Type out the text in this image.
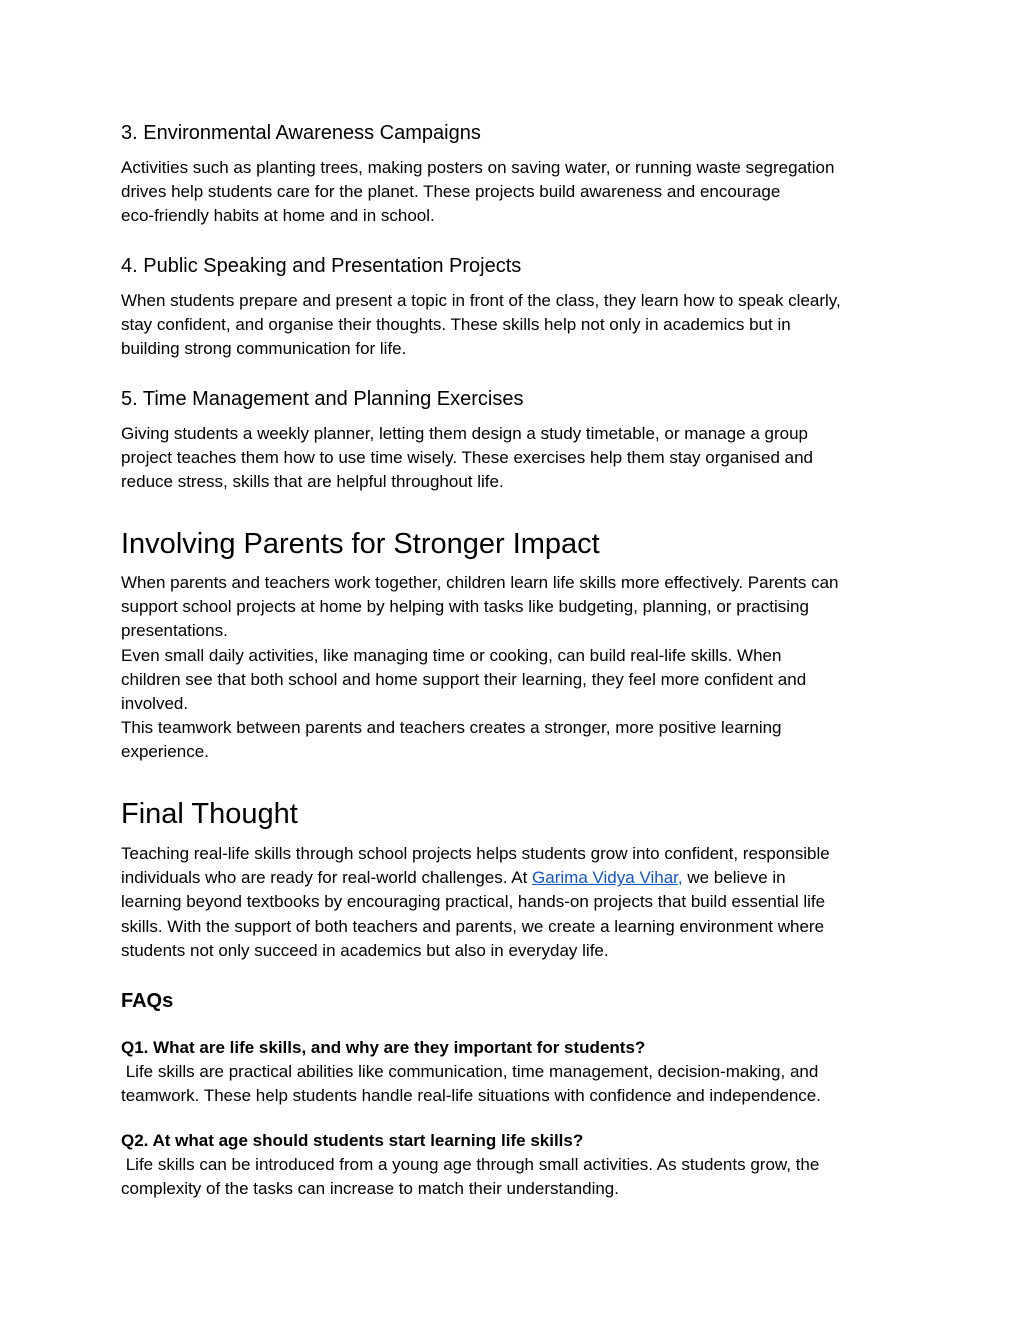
3. Environmental Awareness Campaigns
Activities such as planting trees, making posters on saving water, or running waste segregation
drives help students care for the planet. These projects build awareness and encourage
eco-friendly habits at home and in school.
4. Public Speaking and Presentation Projects
When students prepare and present a topic in front of the class, they learn how to speak clearly,
stay confident, and organise their thoughts. These skills help not only in academics but in
building strong communication for life.
5. Time Management and Planning Exercises
Giving students a weekly planner, letting them design a study timetable, or manage a group
project teaches them how to use time wisely. These exercises help them stay organised and
reduce stress, skills that are helpful throughout life.
Involving Parents for Stronger Impact
When parents and teachers work together, children learn life skills more effectively. Parents can
support school projects at home by helping with tasks like budgeting, planning, or practising
presentations.
Even small daily activities, like managing time or cooking, can build real-life skills. When
children see that both school and home support their learning, they feel more confident and
involved.
This teamwork between parents and teachers creates a stronger, more positive learning
experience.
Final Thought
Teaching real-life skills through school projects helps students grow into confident, responsible
individuals who are ready for real-world challenges. At Garima Vidya Vihar, we believe in
learning beyond textbooks by encouraging practical, hands-on projects that build essential life
skills. With the support of both teachers and parents, we create a learning environment where
students not only succeed in academics but also in everyday life.
FAQs
Q1. What are life skills, and why are they important for students?
Life skills are practical abilities like communication, time management, decision-making, and
teamwork. These help students handle real-life situations with confidence and independence.
Q2. At what age should students start learning life skills?
Life skills can be introduced from a young age through small activities. As students grow, the
complexity of the tasks can increase to match their understanding.
